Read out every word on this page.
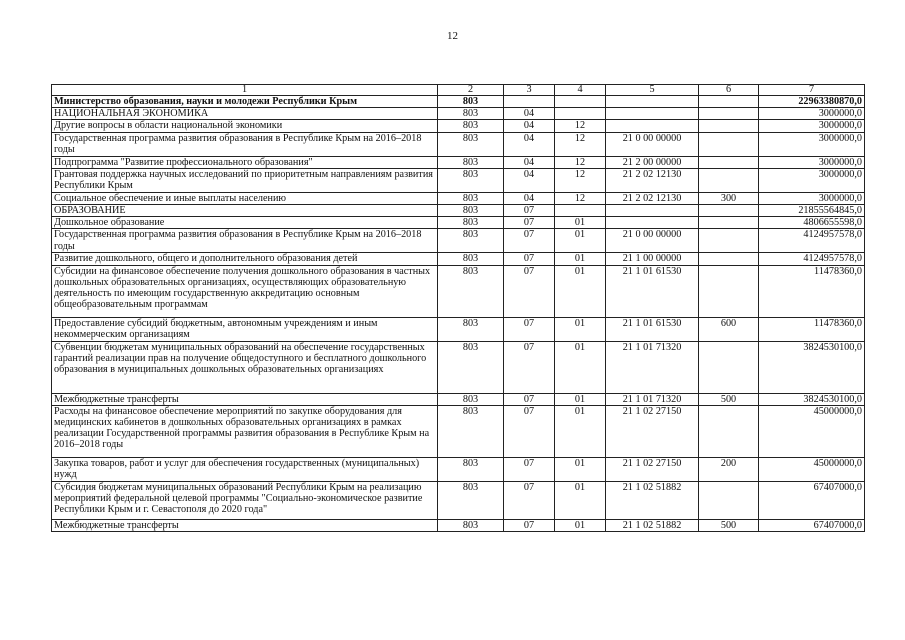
12
1	2	3	4	5	6	7
Министерство образования, науки и молодежи Республики Крым	803					22963380870,0
НАЦИОНАЛЬНАЯ ЭКОНОМИКА	803	04				3000000,0
Другие вопросы в области национальной экономики	803	04	12			3000000,0
Государственная программа развития образования в Республике Крым на 2016–2018 годы	803	04	12	21 0 00 00000		3000000,0
Подпрограмма "Развитие профессионального образования"	803	04	12	21 2 00 00000		3000000,0
Грантовая поддержка научных исследований по приоритетным направлениям развития Республики Крым	803	04	12	21 2 02 12130		3000000,0
Социальное обеспечение и иные выплаты населению	803	04	12	21 2 02 12130	300	3000000,0
ОБРАЗОВАНИЕ	803	07				21855564845,0
Дошкольное образование	803	07	01			4806655598,0
Государственная программа развития образования в Республике Крым на 2016–2018 годы	803	07	01	21 0 00 00000		4124957578,0
Развитие дошкольного, общего и дополнительного образования детей	803	07	01	21 1 00 00000		4124957578,0
Субсидии на финансовое обеспечение получения дошкольного образования в частных дошкольных образовательных организациях, осуществляющих образовательную деятельность по имеющим государственную аккредитацию основным общеобразовательным программам	803	07	01	21 1 01 61530		11478360,0
Предоставление субсидий бюджетным, автономным учреждениям и иным некоммерческим организациям	803	07	01	21 1 01 61530	600	11478360,0
Субвенции бюджетам муниципальных образований на обеспечение государственных гарантий реализации прав на получение общедоступного и бесплатного дошкольного образования в муниципальных дошкольных образовательных организациях	803	07	01	21 1 01 71320		3824530100,0
Межбюджетные трансферты	803	07	01	21 1 01 71320	500	3824530100,0
Расходы на финансовое обеспечение мероприятий по закупке оборудования для медицинских кабинетов в дошкольных образовательных организациях в рамках реализации Государственной программы развития образования в Республике Крым на 2016–2018 годы	803	07	01	21 1 02 27150		45000000,0
Закупка товаров, работ и услуг для обеспечения государственных (муниципальных) нужд	803	07	01	21 1 02 27150	200	45000000,0
Субсидия бюджетам муниципальных образований Республики Крым на реализацию мероприятий федеральной целевой программы "Социально-экономическое развитие Республики Крым и г. Севастополя до 2020 года"	803	07	01	21 1 02 51882		67407000,0
Межбюджетные трансферты	803	07	01	21 1 02 51882	500	67407000,0
